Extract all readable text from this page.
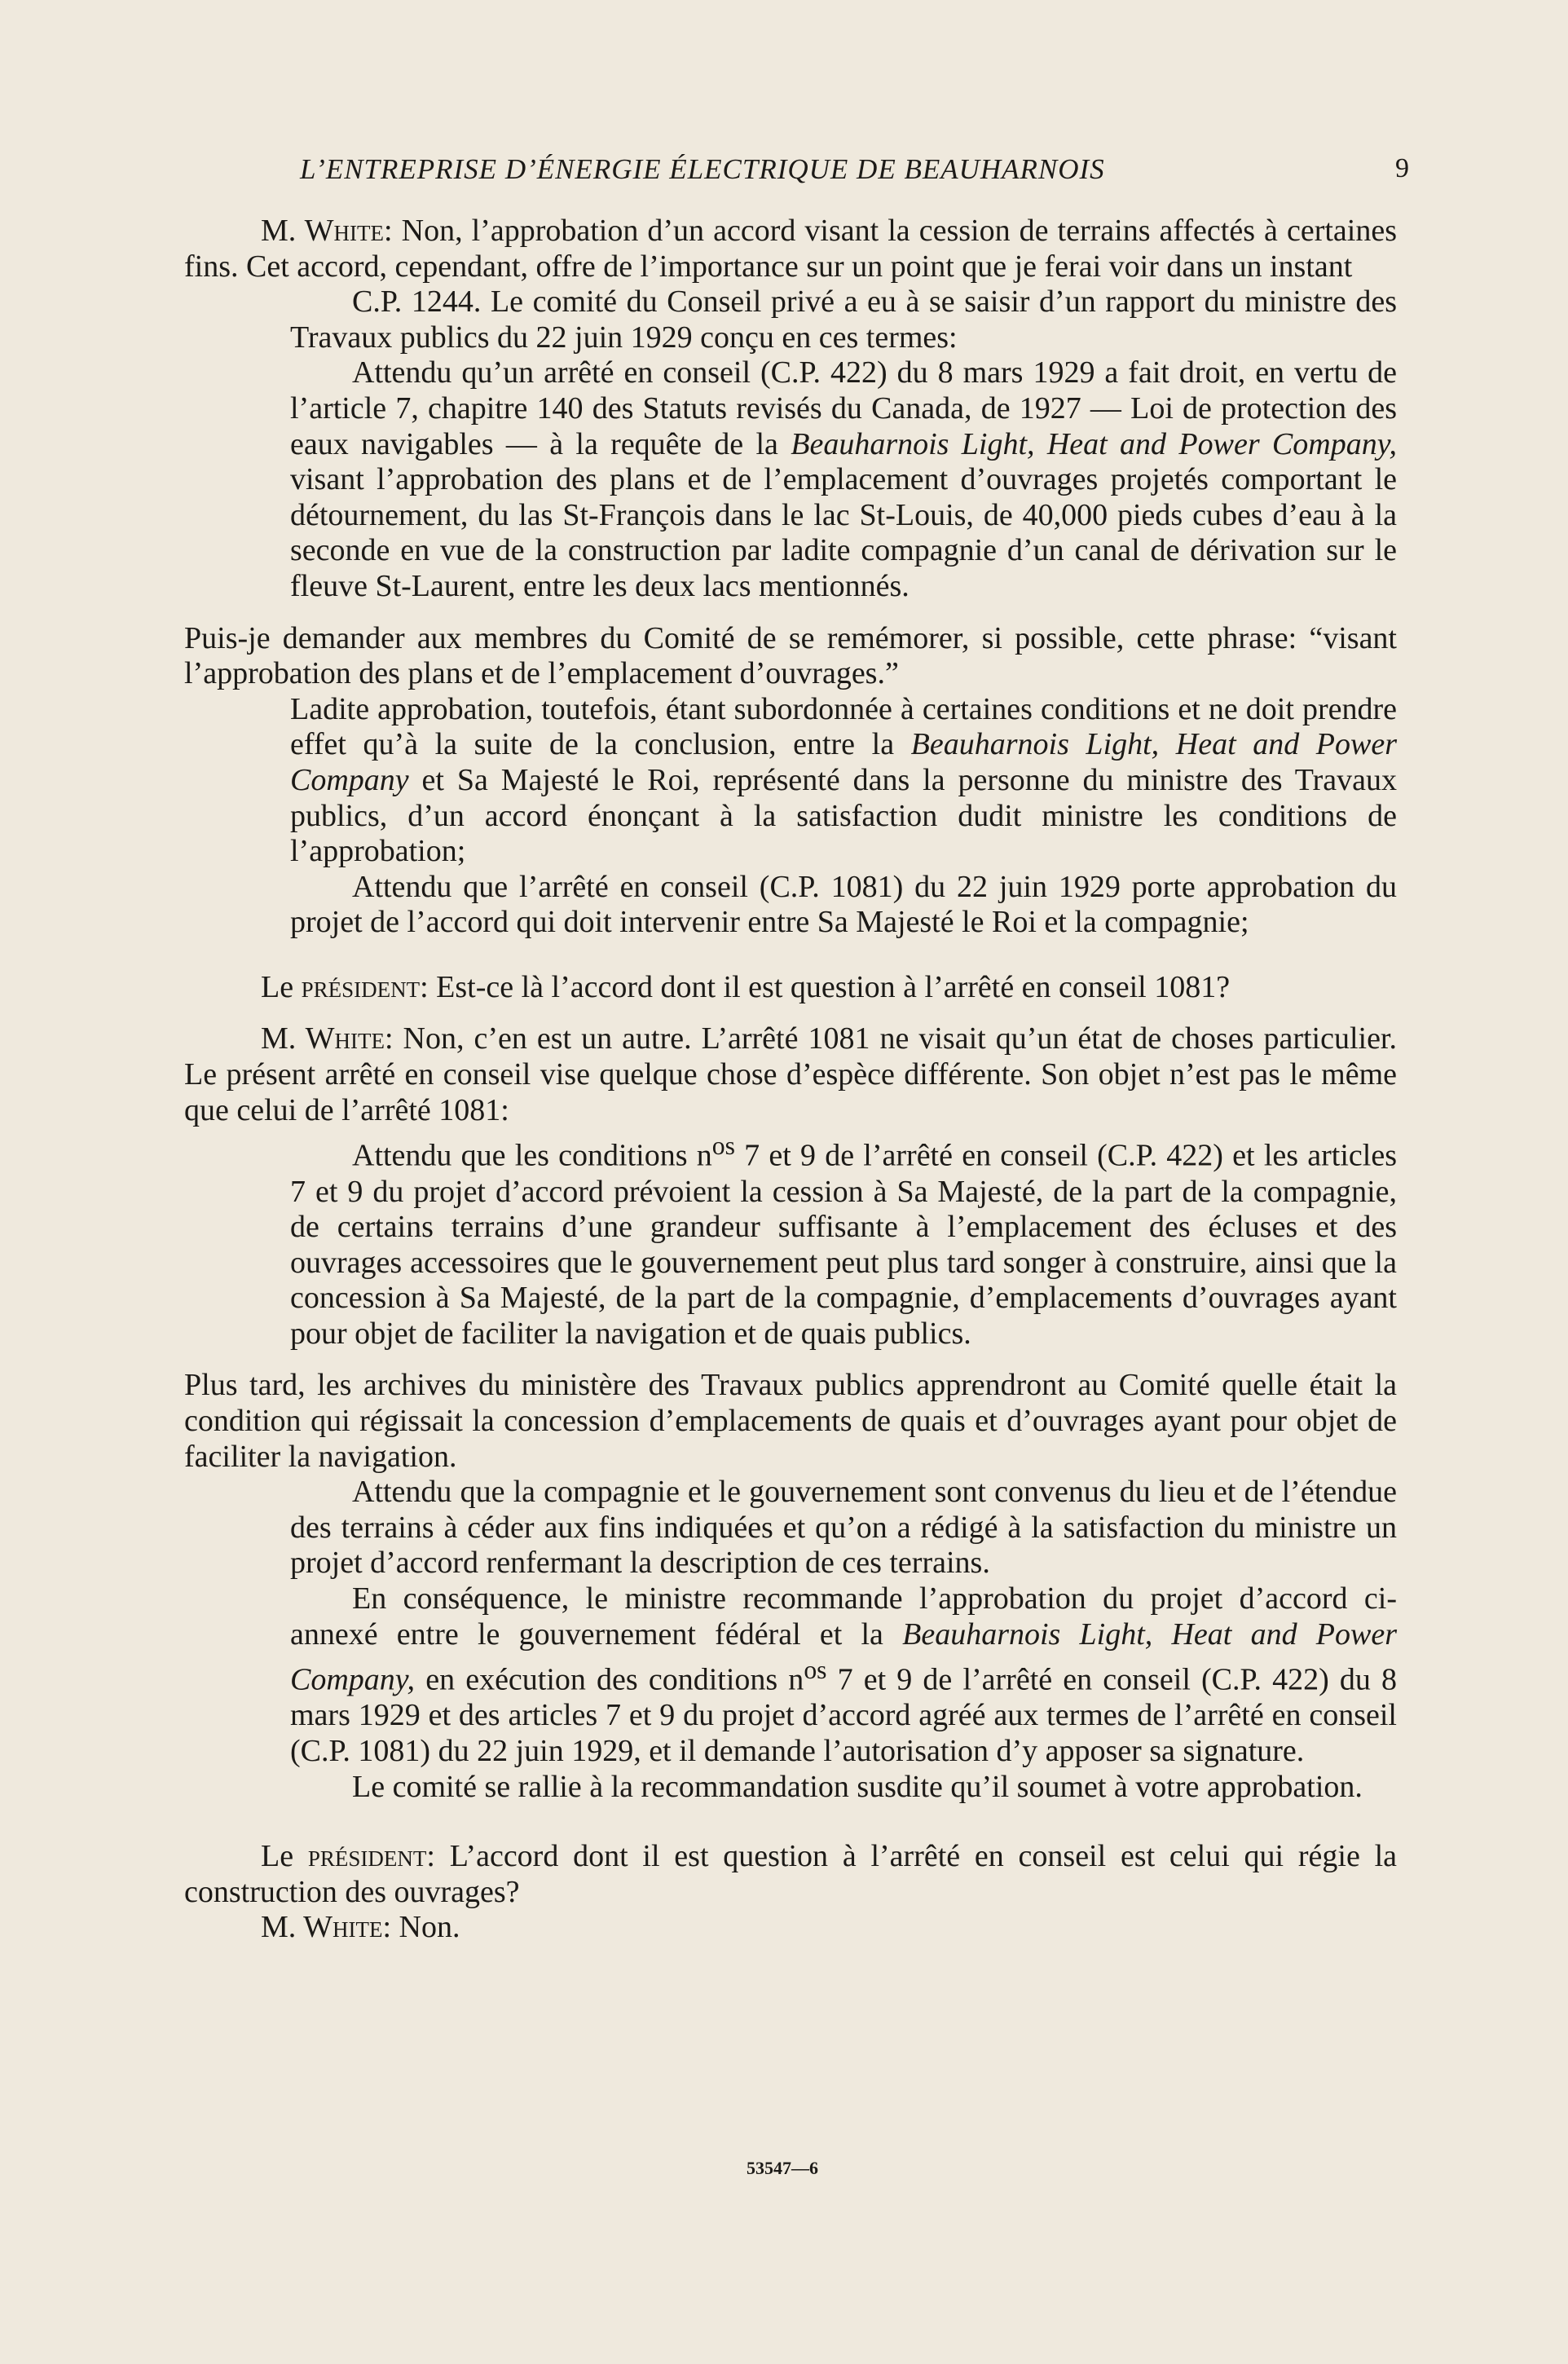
L’ENTREPRISE D’ÉNERGIE ÉLECTRIQUE DE BEAUHARNOIS	9

M. White: Non, l’approbation d’un accord visant la cession de terrains affectés à certaines fins. Cet accord, cependant, offre de l’importance sur un point que je ferai voir dans un instant

C.P. 1244. Le comité du Conseil privé a eu à se saisir d’un rapport du ministre des Travaux publics du 22 juin 1929 conçu en ces termes:

Attendu qu’un arrêté en conseil (C.P. 422) du 8 mars 1929 a fait droit, en vertu de l’article 7, chapitre 140 des Statuts revisés du Canada, de 1927 — Loi de protection des eaux navigables — à la requête de la Beauharnois Light, Heat and Power Company, visant l’approbation des plans et de l’emplacement d’ouvrages projetés comportant le détournement, du las St-François dans le lac St-Louis, de 40,000 pieds cubes d’eau à la seconde en vue de la construction par ladite compagnie d’un canal de dérivation sur le fleuve St-Laurent, entre les deux lacs mentionnés.

Puis-je demander aux membres du Comité de se remémorer, si possible, cette phrase: “visant l’approbation des plans et de l’emplacement d’ouvrages.”

Ladite approbation, toutefois, étant subordonnée à certaines conditions et ne doit prendre effet qu’à la suite de la conclusion, entre la Beauharnois Light, Heat and Power Company et Sa Majesté le Roi, représenté dans la personne du ministre des Travaux publics, d’un accord énonçant à la satisfaction dudit ministre les conditions de l’approbation;

Attendu que l’arrêté en conseil (C.P. 1081) du 22 juin 1929 porte approbation du projet de l’accord qui doit intervenir entre Sa Majesté le Roi et la compagnie;

Le président: Est-ce là l’accord dont il est question à l’arrêté en conseil 1081?

M. White: Non, c’en est un autre. L’arrêté 1081 ne visait qu’un état de choses particulier. Le présent arrêté en conseil vise quelque chose d’espèce différente. Son objet n’est pas le même que celui de l’arrêté 1081:

Attendu que les conditions $n^{os}$ 7 et 9 de l’arrêté en conseil (C.P. 422) et les articles 7 et 9 du projet d’accord prévoient la cession à Sa Majesté, de la part de la compagnie, de certains terrains d’une grandeur suffisante à l’emplacement des écluses et des ouvrages accessoires que le gouvernement peut plus tard songer à construire, ainsi que la concession à Sa Majesté, de la part de la compagnie, d’emplacements d’ouvrages ayant pour objet de faciliter la navigation et de quais publics.

Plus tard, les archives du ministère des Travaux publics apprendront au Comité quelle était la condition qui régissait la concession d’emplacements de quais et d’ouvrages ayant pour objet de faciliter la navigation.

Attendu que la compagnie et le gouvernement sont convenus du lieu et de l’étendue des terrains à céder aux fins indiquées et qu’on a rédigé à la satisfaction du ministre un projet d’accord renfermant la description de ces terrains.

En conséquence, le ministre recommande l’approbation du projet d’accord ci-annexé entre le gouvernement fédéral et la Beauharnois Light, Heat and Power Company, en exécution des conditions $n^{os}$ 7 et 9 de l’arrêté en conseil (C.P. 422) du 8 mars 1929 et des articles 7 et 9 du projet d’accord agréé aux termes de l’arrêté en conseil (C.P. 1081) du 22 juin 1929, et il demande l’autorisation d’y apposer sa signature.

Le comité se rallie à la recommandation susdite qu’il soumet à votre approbation.

Le président: L’accord dont il est question à l’arrêté en conseil est celui qui régie la construction des ouvrages?

M. White: Non.

53547—6
